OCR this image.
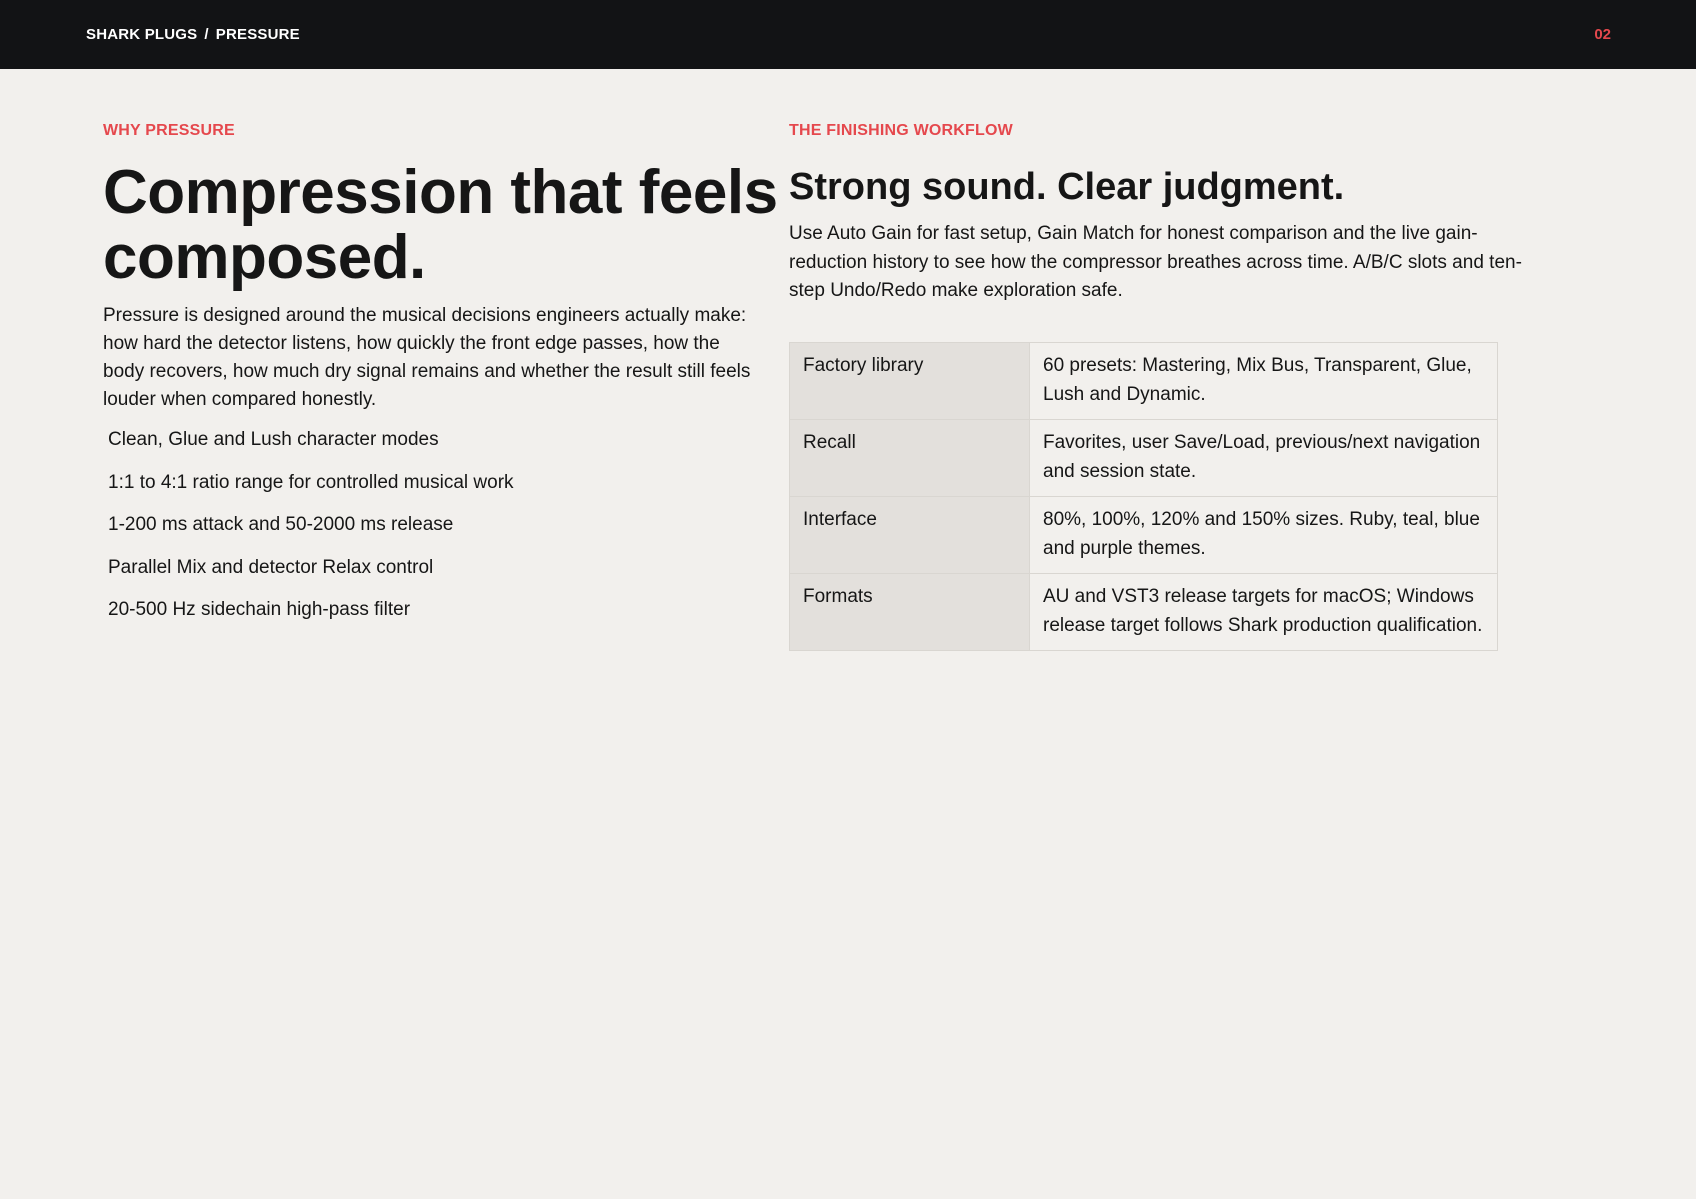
SHARK PLUGS / PRESSURE	02
WHY PRESSURE
Compression that feels
composed.

Pressure is designed around the musical decisions engineers actually make: how hard the detector listens, how quickly the front edge passes, how the body recovers, how much dry signal remains and whether the result still feels louder when compared honestly.

Clean, Glue and Lush character modes
1:1 to 4:1 ratio range for controlled musical work
1-200 ms attack and 50-2000 ms release
Parallel Mix and detector Relax control
20-500 Hz sidechain high-pass filter
THE FINISHING WORKFLOW
Strong sound. Clear judgment.

Use Auto Gain for fast setup, Gain Match for honest comparison and the live gain-reduction history to see how the compressor breathes across time. A/B/C slots and ten-step Undo/Redo make exploration safe.

Factory library	60 presets: Mastering, Mix Bus, Transparent, Glue, Lush and Dynamic.
Recall	Favorites, user Save/Load, previous/next navigation and session state.
Interface	80%, 100%, 120% and 150% sizes. Ruby, teal, blue and purple themes.
Formats	AU and VST3 release targets for macOS; Windows release target follows Shark production qualification.
